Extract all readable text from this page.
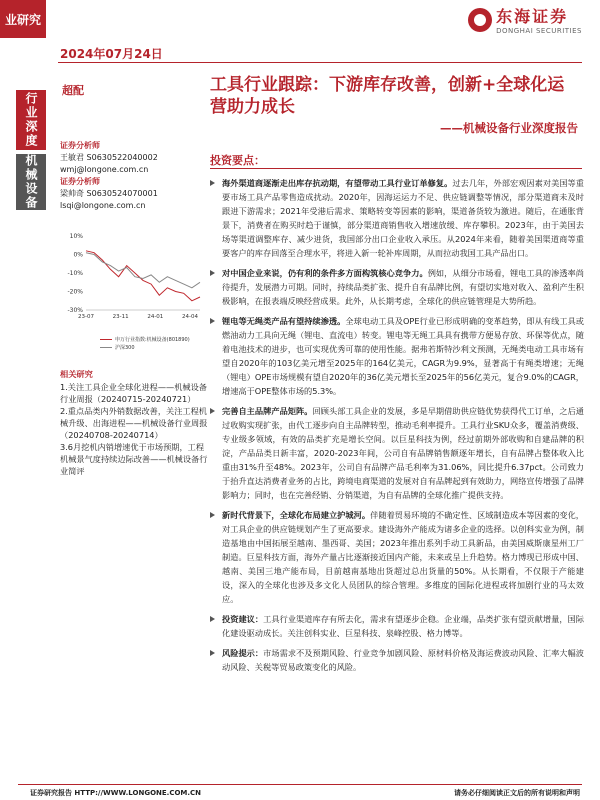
业研究	东海证券
DONGHAI SECURITIES
2024年07月24日
行业深度
机械设备
超配	工具行业跟踪：下游库存改善，创新+全球化运营助力成长
——机械设备行业深度报告
证券分析师
王敏君 S0630522040002
wmj@longone.com.cn
证券分析师
梁帅奇 S0630524070001
lsqi@longone.com.cn
10%
0%
-10%
-20%
-30%
23-07	23-11	24-01	24-04
申万行业指数:机械设备(801890)
沪深300
相关研究
1.关注工具企业全球化进程——机械设备行业周报（20240715-20240721）
2.重点品类内外销数据改善，关注工程机械升级、出海进程——机械设备行业周报（20240708-20240714）
3.6月挖机内销增速优于市场预期，工程机械景气度持续边际改善——机械设备行业简评
投资要点：
海外渠道商逐渐走出库存抗动期，有望带动工具行业订单修复。过去几年，外部宏观因素对美国等重要市场工具产品零售造成扰动。2020年，因海运运力不足、供应链调整等情况，部分渠道商未及时跟进下游需求；2021年受港后需求、策略转变等因素的影响，渠道备货较为激进。随后，在通胀背景下，消费者在购买时趋于谨慎，部分渠道商销售收入增速放缓、库存攀积。2023年，由于美国去场等渠道调整库存、减少进货，我国部分出口企业收入承压。从2024年来看，随着美国渠道商等重要客户的库存回落至合理水平，将进入新一轮补库周期，从而拉动我国工具产品出口。
对中国企业来说，仍有利的条件多方面构筑核心竞争力。例如，从细分市场看，锂电工具的渗透率尚待提升，发展潜力可期。同时，持续品类扩张、提升自有品牌比例，有望切实地对收入、盈利产生积极影响，在报表端反映经营成果。此外，从长期考虑，全球化的供应链管理是大势所趋。
锂电等无绳类产品有望持续渗透。全球电动工具及OPE行业已形成明确的变革趋势，即从有线工具或燃油动力工具向无绳（锂电、直流电）转变。锂电等无绳工具具有携带方便易存放、环保等优点，随着电池技术的进步，也可实现优秀可靠的使用性能。据弗若斯特沙利文预测，无绳类电动工具市场有望自2020年的103亿美元增至2025年的164亿美元，CAGR为9.9%，显著高于有绳类增速；无绳（锂电）OPE市场规模有望自2020年的36亿美元增长至2025年的56亿美元，复合9.0%的CAGR，增速高于OPE整体市场的5.3%。
完善自主品牌产品矩阵。回顾头部工具企业的发展，多是早期借助供应链优势获得代工订单，之后通过收购实现扩张，由代工逐步向自主品牌转型，推动毛利率提升。工具行业SKU众多，覆盖消费级、专业级多领域，有效的品类扩充是增长空间。以巨星科技为例，经过前期外部收购和自建品牌的积淀，产品品类日新丰富，2020-2023年间，公司自有品牌销售额逐年增长，自有品牌占整体收入比重由31%升至48%。2023年，公司自有品牌产品毛利率为31.06%，同比提升6.37pct。公司致力于抬升直达消费者业务的占比，跨境电商渠道的发展对自有品牌起到有效助力，网络宣传增强了品牌影响力；同时，也在完善经销、分销渠道，为自有品牌的全球化推广提供支持。
新时代背景下，全球化布局建立护城河。伴随着贸易环境的不确定性、区域制造成本等因素的变化，对工具企业的供应链规划产生了更高要求。建设海外产能成为诸多企业的选择。以创科实业为例，制造基地由中国拓展至越南、墨西哥、美国；2023年推出系列手动工具新品，由美国威斯康星州工厂制造。巨星科技方面，海外产量占比逐渐接近国内产能，未来或呈上升趋势。格力博现已形成中国、越南、美国三地产能布局，目前越南基地出货超过总出货量的50%。从长期看，不仅限于产能建设，深入的全球化也涉及多文化人员团队的综合管理。多维度的国际化进程或将加剧行业的马太效应。
投资建议：工具行业渠道库存有所去化，需求有望逐步企稳。企业端，品类扩张有望贡献增量，国际化建设驱动成长。关注创科实业、巨星科技、泉峰控股、格力博等。
风险提示：市场需求不及预期风险、行业竞争加剧风险、原材料价格及海运费波动风险、汇率大幅波动风险、关税等贸易政策变化的风险。
证券研究报告 HTTP://WWW.LONGONE.COM.CN	请务必仔细阅读正文后的所有说明和声明
